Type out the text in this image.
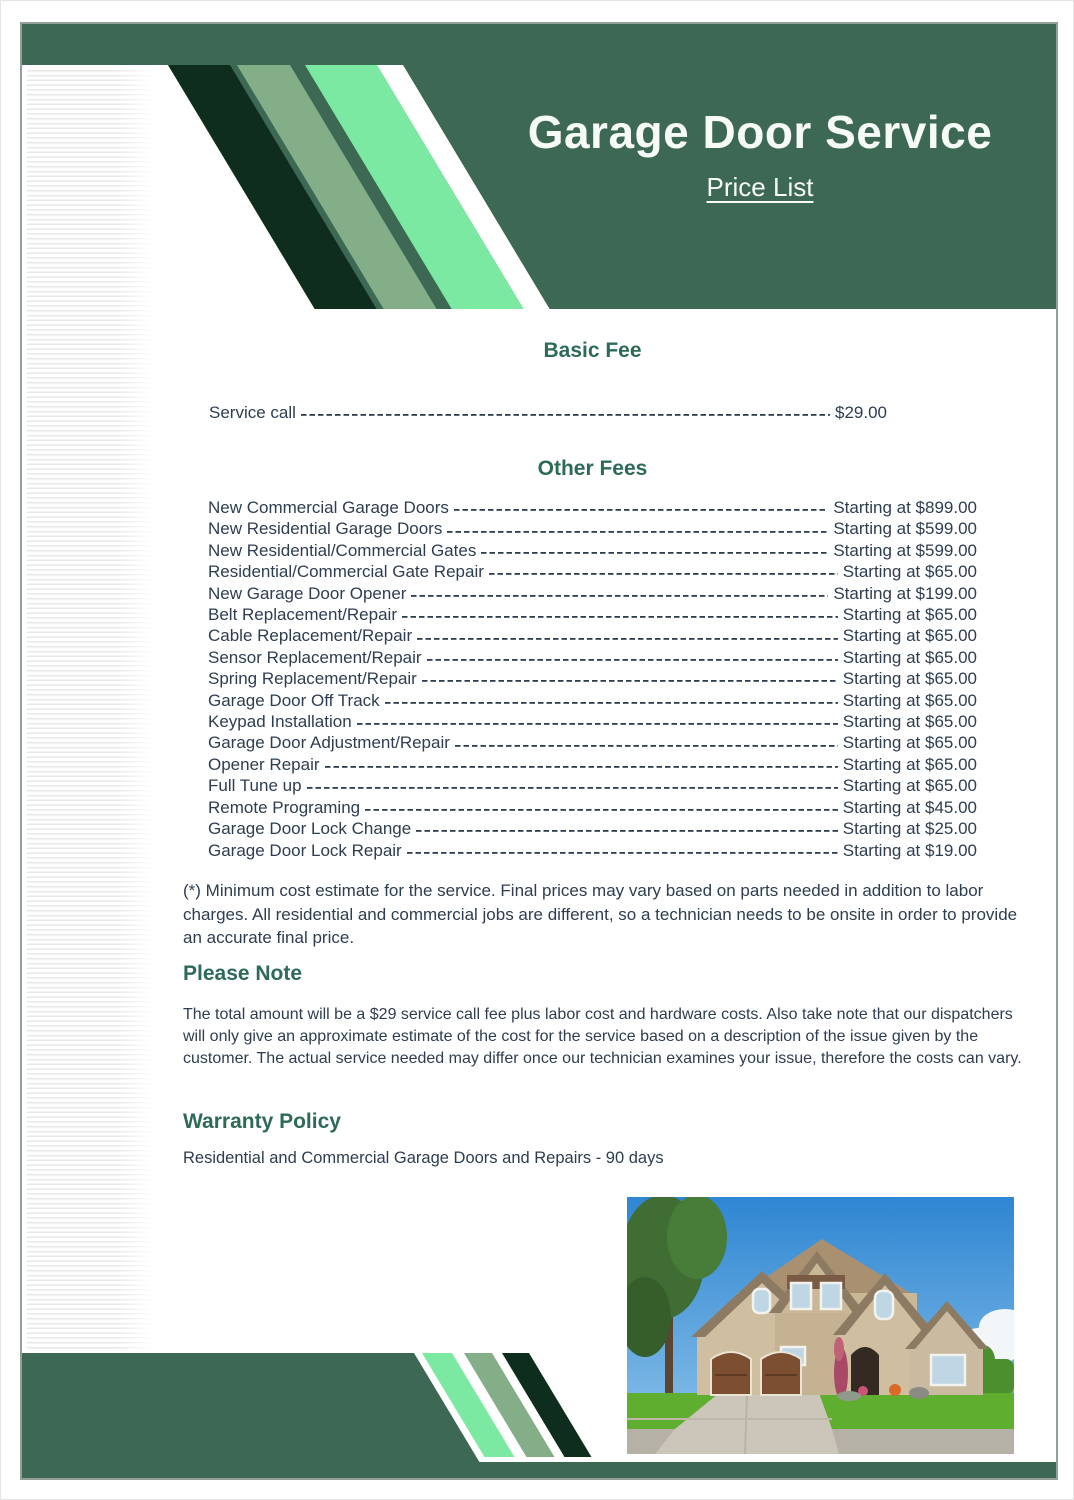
Garage Door Service
Price List
Basic Fee
Service call	$29.00
Other Fees
New Commercial Garage Doors	Starting at $899.00
New Residential Garage Doors	Starting at $599.00
New Residential/Commercial Gates	Starting at $599.00
Residential/Commercial Gate Repair	Starting at $65.00
New Garage Door Opener	Starting at $199.00
Belt Replacement/Repair	Starting at $65.00
Cable Replacement/Repair	Starting at $65.00
Sensor Replacement/Repair	Starting at $65.00
Spring Replacement/Repair	Starting at $65.00
Garage Door Off Track	Starting at $65.00
Keypad Installation	Starting at $65.00
Garage Door Adjustment/Repair	Starting at $65.00
Opener Repair	Starting at $65.00
Full Tune up	Starting at $65.00
Remote Programing	Starting at $45.00
Garage Door Lock Change	Starting at $25.00
Garage Door Lock Repair	Starting at $19.00

(*) Minimum cost estimate for the service. Final prices may vary based on parts needed in addition to labor charges. All residential and commercial jobs are different, so a technician needs to be onsite in order to provide an accurate final price.

Please Note

The total amount will be a $29 service call fee plus labor cost and hardware costs. Also take note that our dispatchers will only give an approximate estimate of the cost for the service based on a description of the issue given by the customer. The actual service needed may differ once our technician examines your issue, therefore the costs can vary.

Warranty Policy

Residential and Commercial Garage Doors and Repairs - 90 days
